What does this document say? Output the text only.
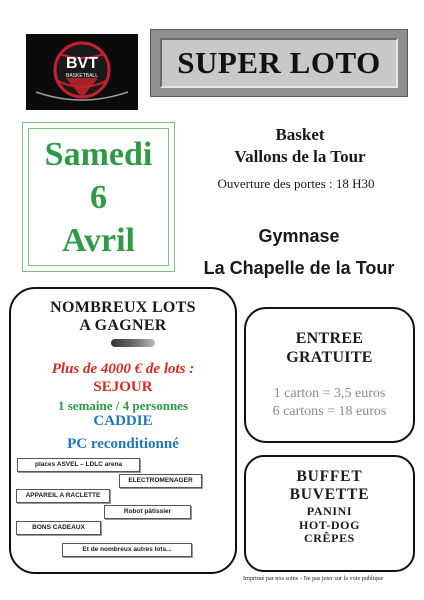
BVT
BASKETBALL	SUPER LOTO
Samedi
6
Avril
Basket
Vallons de la Tour
Ouverture des portes : 18 H30
Gymnase
La Chapelle de la Tour
NOMBREUX LOTS
A GAGNER
Plus de 4000 € de lots :
SEJOUR
1 semaine / 4 personnes
CADDIE
PC reconditionné
places ASVEL – LDLC arena
ELECTROMENAGER
APPAREIL A RACLETTE
Robot pâtissier
BONS CADEAUX
Et de nombreux autres lots...
ENTREE
GRATUITE
1 carton = 3,5 euros
6 cartons = 18 euros
BUFFET
BUVETTE
PANINI
HOT-DOG
CRÊPES
Imprimé par nos soins - Ne pas jeter sur la voie publique
